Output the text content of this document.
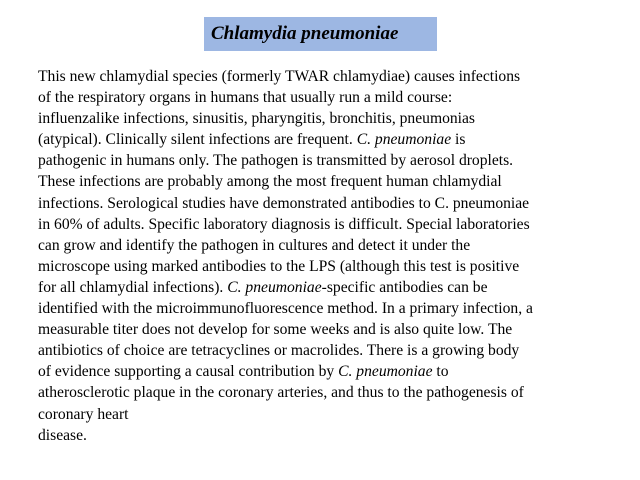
Chlamydia pneumoniae

This new chlamydial species (formerly TWAR chlamydiae) causes infections
of the respiratory organs in humans that usually run a mild course:
influenzalike infections, sinusitis, pharyngitis, bronchitis, pneumonias
(atypical). Clinically silent infections are frequent. C. pneumoniae is
pathogenic in humans only. The pathogen is transmitted by aerosol droplets.
These infections are probably among the most frequent human chlamydial
infections. Serological studies have demonstrated antibodies to C. pneumoniae
in 60% of adults. Specific laboratory diagnosis is difficult. Special laboratories
can grow and identify the pathogen in cultures and detect it under the
microscope using marked antibodies to the LPS (although this test is positive
for all chlamydial infections). C. pneumoniae-specific antibodies can be
identified with the microimmunofluorescence method. In a primary infection, a
measurable titer does not develop for some weeks and is also quite low. The
antibiotics of choice are tetracyclines or macrolides. There is a growing body
of evidence supporting a causal contribution by C. pneumoniae to
atherosclerotic plaque in the coronary arteries, and thus to the pathogenesis of
coronary heart
disease.
